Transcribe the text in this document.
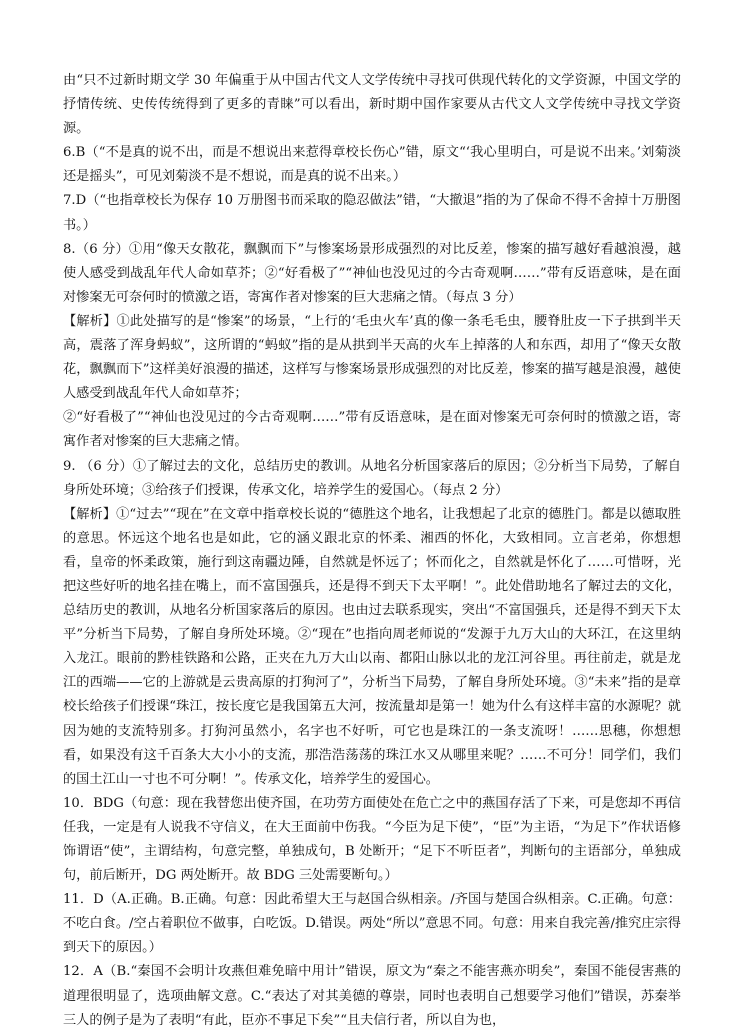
由“只不过新时期文学 30 年偏重于从中国古代文人文学传统中寻找可供现代转化的文学资源，中国文学的抒情传统、史传传统得到了更多的青睐”可以看出，新时期中国作家要从古代文人文学传统中寻找文学资源。

6.B（“不是真的说不出，而是不想说出来惹得章校长伤心”错，原文“‘我心里明白，可是说不出来。’刘菊淡还是摇头”，可见刘菊淡不是不想说，而是真的说不出来。）

7.D（“也指章校长为保存 10 万册图书而采取的隐忍做法”错，“大撤退”指的为了保命不得不舍掉十万册图书。）

8.（6 分）①用“像天女散花，飘飘而下”与惨案场景形成强烈的对比反差，惨案的描写越好看越浪漫，越使人感受到战乱年代人命如草芥；②“好看极了”“神仙也没见过的今古奇观啊……”带有反语意味，是在面对惨案无可奈何时的愤激之语，寄寓作者对惨案的巨大悲痛之情。（每点 3 分）

【解析】①此处描写的是“惨案”的场景，“上行的‘毛虫火车’真的像一条毛毛虫，腰脊肚皮一下子拱到半天高，震落了浑身蚂蚁”，这所谓的“蚂蚁”指的是从拱到半天高的火车上掉落的人和东西，却用了“像天女散花，飘飘而下”这样美好浪漫的描述，这样写与惨案场景形成强烈的对比反差，惨案的描写越是浪漫，越使人感受到战乱年代人命如草芥；

②“好看极了”“神仙也没见过的今古奇观啊……”带有反语意味，是在面对惨案无可奈何时的愤激之语，寄寓作者对惨案的巨大悲痛之情。

9. （6 分）①了解过去的文化，总结历史的教训。从地名分析国家落后的原因；②分析当下局势，了解自身所处环境；③给孩子们授课，传承文化，培养学生的爱国心。（每点 2 分）

【解析】①“过去”“现在”在文章中指章校长说的“德胜这个地名，让我想起了北京的德胜门。都是以德取胜的意思。怀远这个地名也是如此，它的涵义跟北京的怀柔、湘西的怀化，大致相同。立言老弟，你想想看，皇帝的怀柔政策，施行到这南疆边陲，自然就是怀远了；怀而化之，自然就是怀化了……可惜呀，光把这些好听的地名挂在嘴上，而不富国强兵，还是得不到天下太平啊！”。此处借助地名了解过去的文化，总结历史的教训，从地名分析国家落后的原因。也由过去联系现实，突出“不富国强兵，还是得不到天下太平”分析当下局势，了解自身所处环境。②“现在”也指向周老师说的“发源于九万大山的大环江，在这里纳入龙江。眼前的黔桂铁路和公路，正夹在九万大山以南、都阳山脉以北的龙江河谷里。再往前走，就是龙江的西端——它的上游就是云贵高原的打狗河了”，分析当下局势，了解自身所处环境。③“未来”指的是章校长给孩子们授课“珠江，按长度它是我国第五大河，按流量却是第一！她为什么有这样丰富的水源呢？就因为她的支流特别多。打狗河虽然小，名字也不好听，可它也是珠江的一条支流呀！……思穗，你想想看，如果没有这千百条大大小小的支流，那浩浩荡荡的珠江水又从哪里来呢？……不可分！同学们，我们的国土江山一寸也不可分啊！”。传承文化，培养学生的爱国心。

10．BDG（句意：现在我替您出使齐国，在功劳方面使处在危亡之中的燕国存活了下来，可是您却不再信任我，一定是有人说我不守信义，在大王面前中伤我。“今臣为足下使”，“臣”为主语，“为足下”作状语修饰谓语“使”，主谓结构，句意完整，单独成句，B 处断开；“足下不听臣者”，判断句的主语部分，单独成句，前后断开，DG 两处断开。故 BDG 三处需要断句。）

11．D（A.正确。B.正确。句意：因此希望大王与赵国合纵相亲。/齐国与楚国合纵相亲。C.正确。句意：不吃白食。/空占着职位不做事，白吃饭。D.错误。两处“所以”意思不同。句意：用来自我完善/推究庄宗得到天下的原因。）

12．A（B.“秦国不会明计攻燕但难免暗中用计”错误，原文为“秦之不能害燕亦明矣”，秦国不能侵害燕的道理很明显了，选项曲解文意。C.“表达了对其美德的尊崇，同时也表明自己想要学习他们”错误，苏秦举三人的例子是为了表明“有此，臣亦不事足下矣”“且夫信行者，所以自为也，
